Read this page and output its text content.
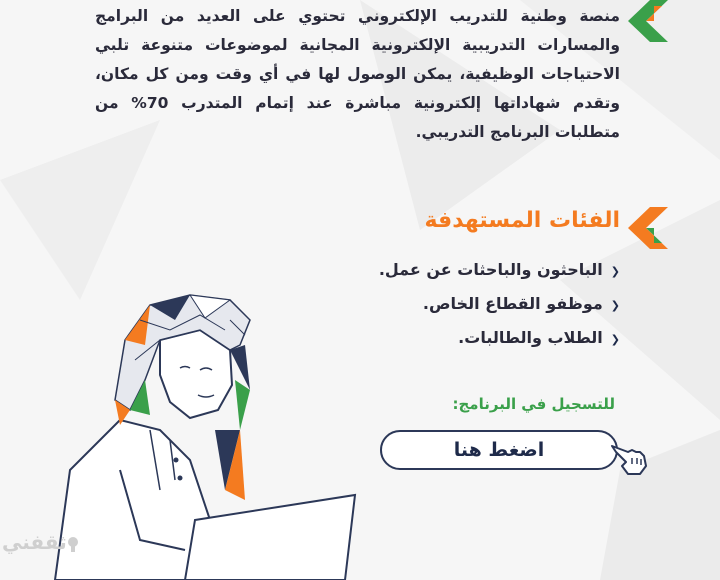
منصة وطنية للتدريب الإلكتروني تحتوي على العديد من البرامج والمسارات التدريبية الإلكترونية المجانية لموضوعات متنوعة تلبي الاحتياجات الوظيفية، يمكن الوصول لها في أي وقت ومن كل مكان، وتقدم شهاداتها إلكترونية مباشرة عند إتمام المتدرب 70% من متطلبات البرنامج التدريبي.
الفئات المستهدفة
❮الباحثون والباحثات عن عمل.
❮موظفو القطاع الخاص.
❮الطلاب والطالبات.
للتسجيل في البرنامج:
اضغط هنا
ثقفني
